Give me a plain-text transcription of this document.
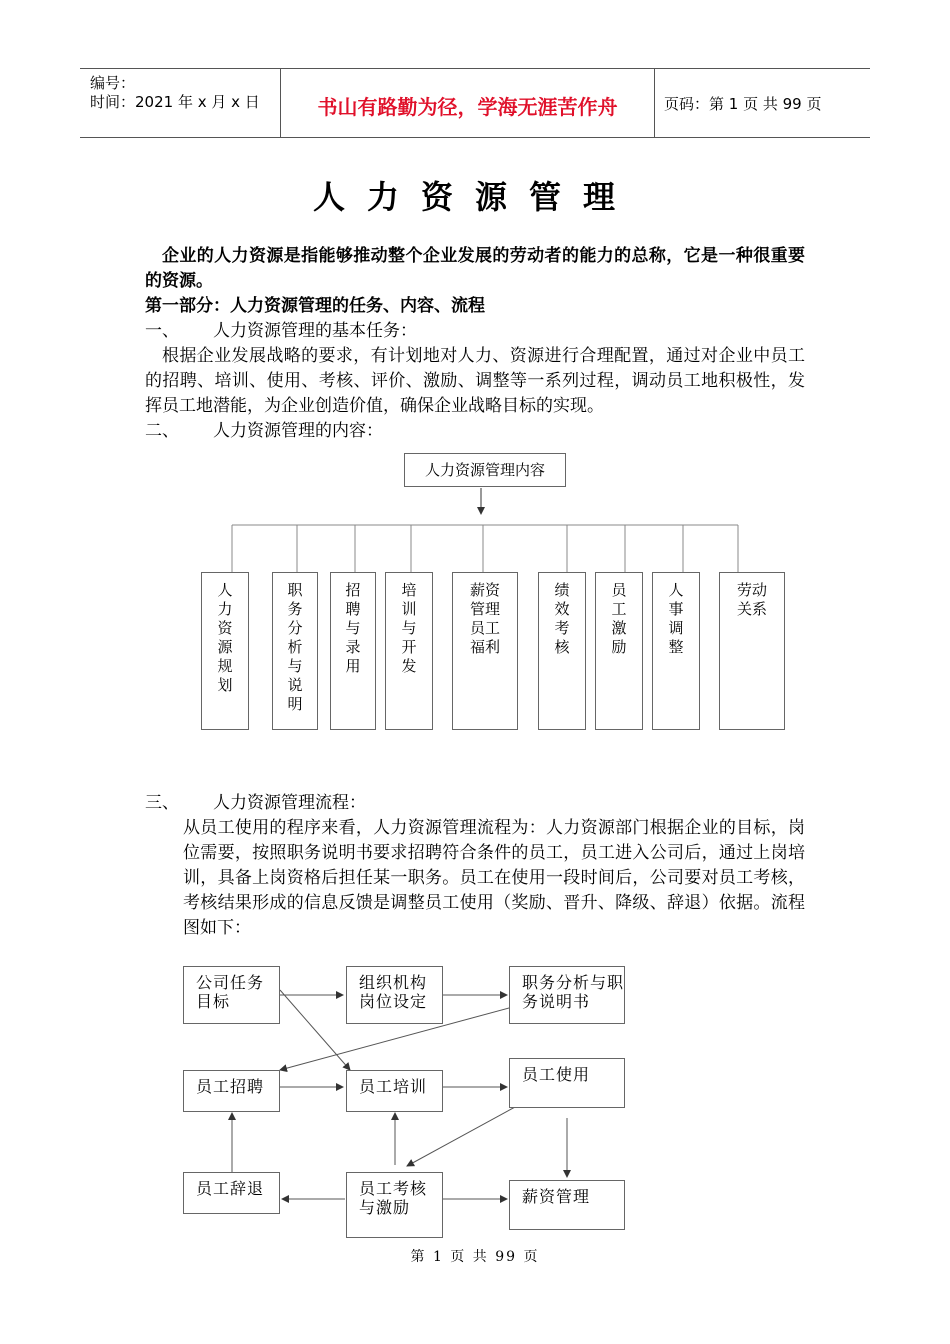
编号：
时间：2021 年 x 月 x 日	书山有路勤为径，学海无涯苦作舟	页码：第 1 页 共 99 页
人力资源管理
企业的人力资源是指能够推动整个企业发展的劳动者的能力的总称，它是一种很重要的资源。
第一部分：人力资源管理的任务、内容、流程
一、 人力资源管理的基本任务：
根据企业发展战略的要求，有计划地对人力、资源进行合理配置，通过对企业中员工的招聘、培训、使用、考核、评价、激励、调整等一系列过程，调动员工地积极性，发挥员工地潜能，为企业创造价值，确保企业战略目标的实现。
二、 人力资源管理的内容：
人力资源管理内容
人力资源规划
职务分析与说明
招聘与录用
培训与开发
薪资管理员工福利
绩效考核
员工激励
人事调整
劳动关系
三、 人力资源管理流程：
从员工使用的程序来看，人力资源管理流程为：人力资源部门根据企业的目标，岗位需要，按照职务说明书要求招聘符合条件的员工，员工进入公司后，通过上岗培训，具备上岗资格后担任某一职务。员工在使用一段时间后，公司要对员工考核，考核结果形成的信息反馈是调整员工使用（奖励、晋升、降级、辞退）依据。流程图如下：
公司任务目标
组织机构岗位设定
职务分析与职务说明书
员工招聘	员工培训
员工使用
员工辞退	员工考核与激励
薪资管理
第 1 页 共 99 页
